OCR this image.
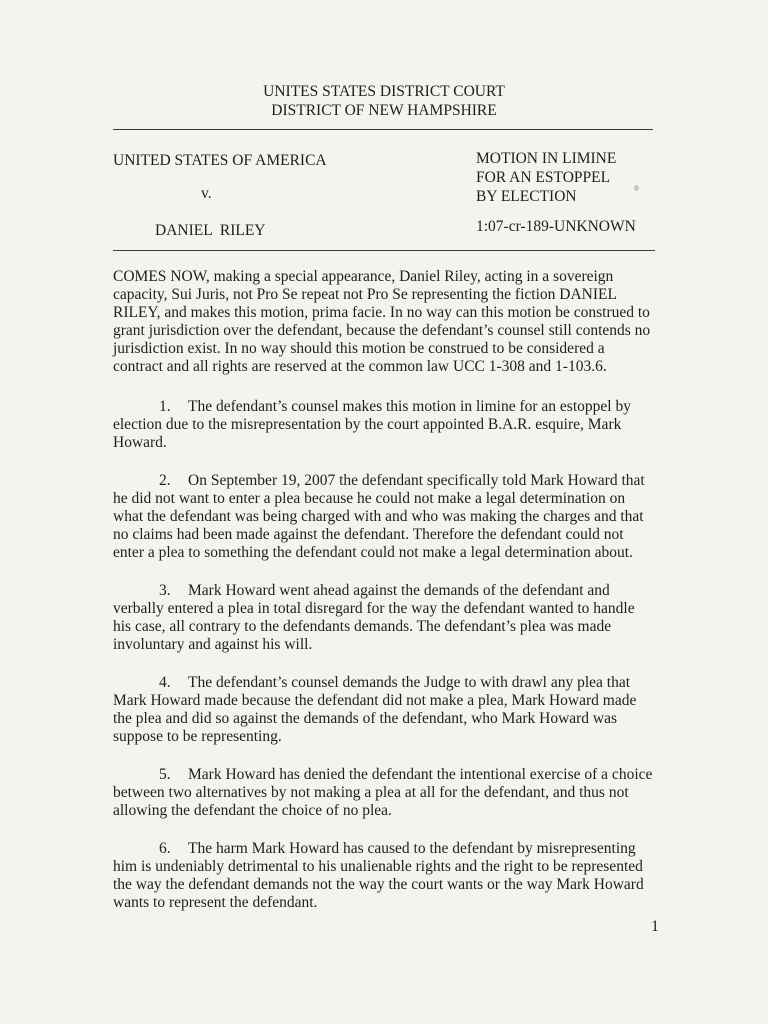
UNITES STATES DISTRICT COURT
DISTRICT OF NEW HAMPSHIRE
UNITED STATES OF AMERICA
v.
DANIEL  RILEY
MOTION IN LIMINE
FOR AN ESTOPPEL
BY ELECTION
1:07-cr-189-UNKNOWN

COMES NOW, making a special appearance, Daniel Riley, acting in a sovereign capacity, Sui Juris, not Pro Se repeat not Pro Se representing the fiction DANIEL RILEY, and makes this motion, prima facie. In no way can this motion be construed to grant jurisdiction over the defendant, because the defendant’s counsel still contends no jurisdiction exist. In no way should this motion be construed to be considered a contract and all rights are reserved at the common law UCC 1-308 and 1-103.6.

1. The defendant’s counsel makes this motion in limine for an estoppel by election due to the misrepresentation by the court appointed B.A.R. esquire, Mark Howard.

2. On September 19, 2007 the defendant specifically told Mark Howard that he did not want to enter a plea because he could not make a legal determination on what the defendant was being charged with and who was making the charges and that no claims had been made against the defendant. Therefore the defendant could not enter a plea to something the defendant could not make a legal determination about.

3. Mark Howard went ahead against the demands of the defendant and verbally entered a plea in total disregard for the way the defendant wanted to handle his case, all contrary to the defendants demands. The defendant’s plea was made involuntary and against his will.

4. The defendant’s counsel demands the Judge to with drawl any plea that Mark Howard made because the defendant did not make a plea, Mark Howard made the plea and did so against the demands of the defendant, who Mark Howard was suppose to be representing.

5. Mark Howard has denied the defendant the intentional exercise of a choice between two alternatives by not making a plea at all for the defendant, and thus not allowing the defendant the choice of no plea.

6. The harm Mark Howard has caused to the defendant by misrepresenting him is undeniably detrimental to his unalienable rights and the right to be represented the way the defendant demands not the way the court wants or the way Mark Howard wants to represent the defendant.

1
